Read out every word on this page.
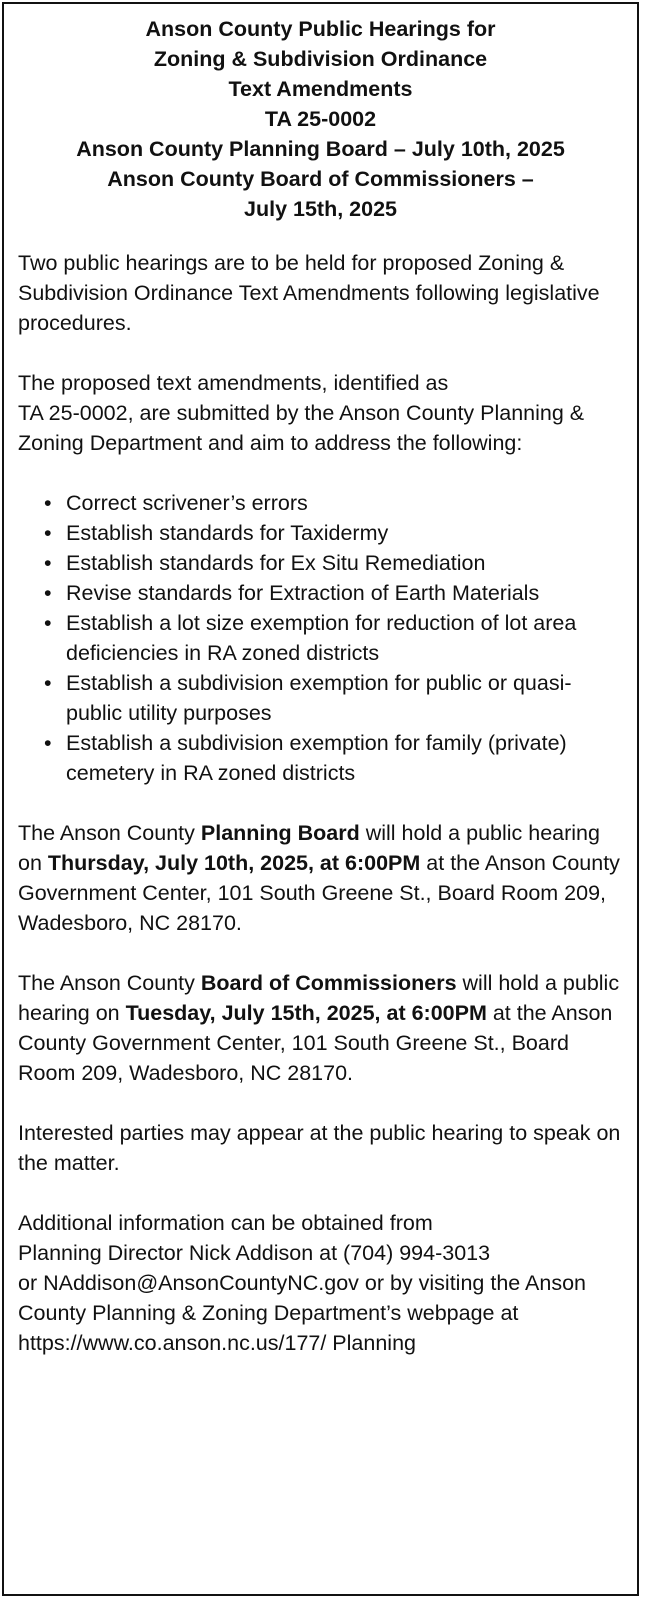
Anson County Public Hearings for
Zoning & Subdivision Ordinance
Text Amendments
TA 25-0002
Anson County Planning Board – July 10th, 2025
Anson County Board of Commissioners –
July 15th, 2025

Two public hearings are to be held for proposed Zoning & Subdivision Ordinance Text Amendments following legislative procedures.

The proposed text amendments, identified as
TA 25-0002, are submitted by the Anson County Planning & Zoning Department and aim to address the following:

• Correct scrivener’s errors
• Establish standards for Taxidermy
• Establish standards for Ex Situ Remediation
• Revise standards for Extraction of Earth Materials
• Establish a lot size exemption for reduction of lot area deficiencies in RA zoned districts
• Establish a subdivision exemption for public or quasi-public utility purposes
• Establish a subdivision exemption for family (private) cemetery in RA zoned districts

The Anson County Planning Board will hold a public hearing on Thursday, July 10th, 2025, at 6:00PM at the Anson County Government Center, 101 South Greene St., Board Room 209, Wadesboro, NC 28170.

The Anson County Board of Commissioners will hold a public hearing on Tuesday, July 15th, 2025, at 6:00PM at the Anson County Government Center, 101 South Greene St., Board Room 209, Wadesboro, NC 28170.

Interested parties may appear at the public hearing to speak on the matter.

Additional information can be obtained from
Planning Director Nick Addison at (704) 994-3013
or NAddison@AnsonCountyNC.gov or by visiting the Anson County Planning & Zoning Department’s webpage at https://www.co.anson.nc.us/177/ Planning
